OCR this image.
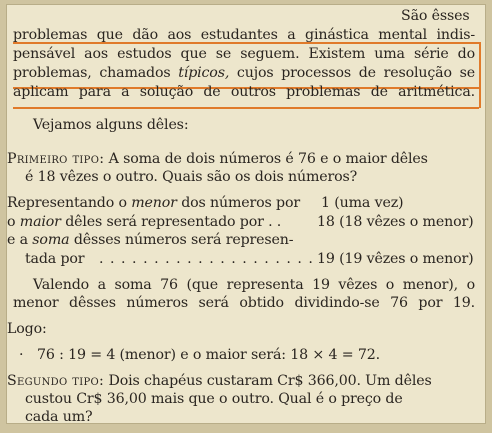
São êsses
problemas que dão aos estudantes a ginástica mental indis-
pensável aos estudos que se seguem. Existem uma série do
problemas, chamados típicos, cujos processos de resolução se
aplicam para a solução de outros problemas de aritmética.
Vejamos alguns dêles:
Primeiro tipo: A soma de dois números é 76 e o maior dêles
é 18 vêzes o outro. Quais são os dois números?
Representando o menor dos números por 1 (uma vez)
o maior dêles será representado por . .	18 (18 vêzes o menor)
e a soma dêsses números será represen-
tada por . . . . . . . . . . . . . . . . . . . . 19 (19 vêzes o menor)
Valendo a soma 76 (que representa 19 vêzes o menor), o
menor dêsses números será obtido dividindo-se 76 por 19.
Logo:
· 76 : 19 = 4 (menor) e o maior será: 18 × 4 = 72.
Segundo tipo: Dois chapéus custaram Cr$ 366,00. Um dêles
custou Cr$ 36,00 mais que o outro. Qual é o preço de
cada um?
